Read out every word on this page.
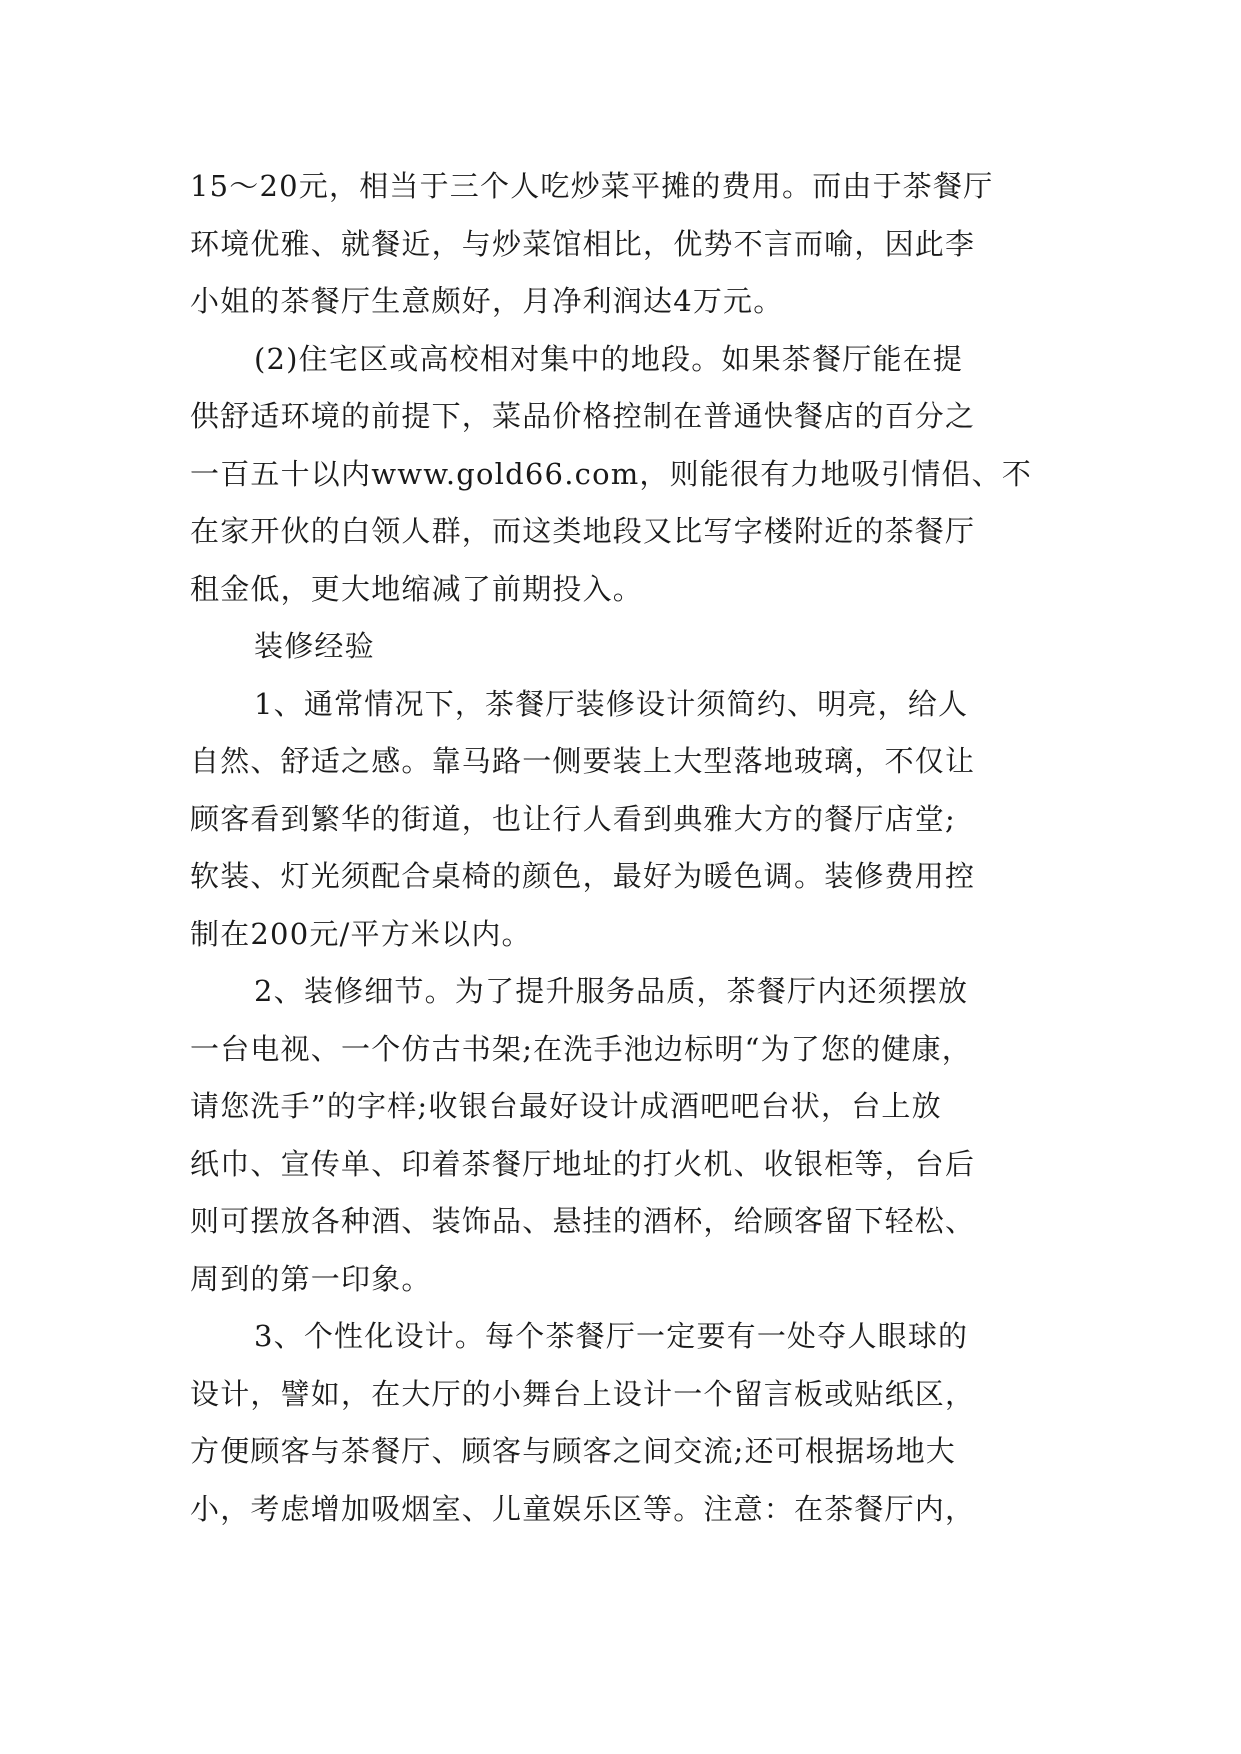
15～20元，相当于三个人吃炒菜平摊的费用。而由于茶餐厅
环境优雅、就餐近，与炒菜馆相比，优势不言而喻，因此李
小姐的茶餐厅生意颇好，月净利润达4万元。

(2)住宅区或高校相对集中的地段。如果茶餐厅能在提
供舒适环境的前提下，菜品价格控制在普通快餐店的百分之
一百五十以内www.gold66.com，则能很有力地吸引情侣、不
在家开伙的白领人群，而这类地段又比写字楼附近的茶餐厅
租金低，更大地缩减了前期投入。

装修经验

1、通常情况下，茶餐厅装修设计须简约、明亮，给人
自然、舒适之感。靠马路一侧要装上大型落地玻璃，不仅让
顾客看到繁华的街道，也让行人看到典雅大方的餐厅店堂;
软装、灯光须配合桌椅的颜色，最好为暖色调。装修费用控
制在200元/平方米以内。

2、装修细节。为了提升服务品质，茶餐厅内还须摆放
一台电视、一个仿古书架;在洗手池边标明“为了您的健康，
请您洗手”的字样;收银台最好设计成酒吧吧台状，台上放
纸巾、宣传单、印着茶餐厅地址的打火机、收银柜等，台后
则可摆放各种酒、装饰品、悬挂的酒杯，给顾客留下轻松、
周到的第一印象。

3、个性化设计。每个茶餐厅一定要有一处夺人眼球的
设计，譬如，在大厅的小舞台上设计一个留言板或贴纸区，
方便顾客与茶餐厅、顾客与顾客之间交流;还可根据场地大
小，考虑增加吸烟室、儿童娱乐区等。注意：在茶餐厅内，
